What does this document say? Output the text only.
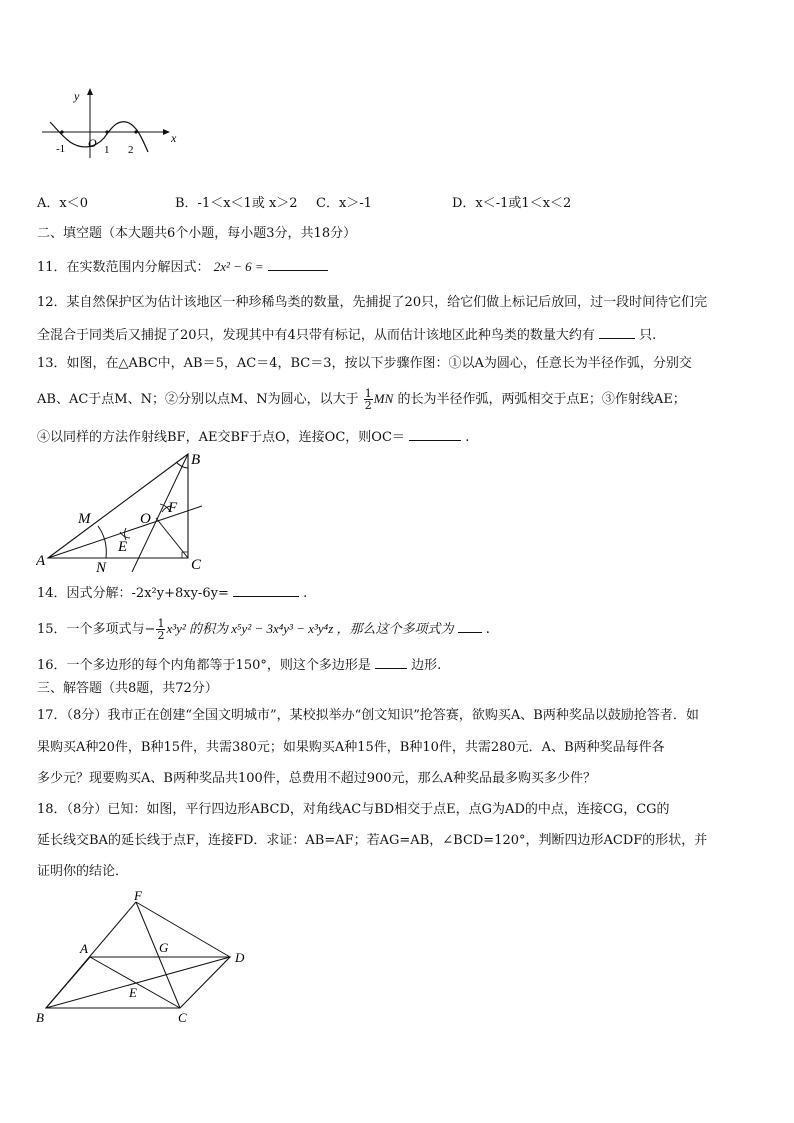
y
x
O
-1	1 2
A．x＜0	B．-1＜x＜1或 x＞2 C．x＞-1	D．x＜-1或1＜x＜2
二、填空题（本大题共6个小题，每小题3分，共18分）
11．在实数范围内分解因式： 2x² − 6 =
12．某自然保护区为估计该地区一种珍稀鸟类的数量，先捕捉了20只，给它们做上标记后放回，过一段时间待它们完
全混合于同类后又捕捉了20只，发现其中有4只带有标记，从而估计该地区此种鸟类的数量大约有	只.
13．如图，在△ABC中，AB＝5，AC＝4，BC＝3，按以下步骤作图：①以A为圆心，任意长为半径作弧，分别交
AB、AC于点M、N；②分别以点M、N为圆心，以大于 $\frac{1}{2}$ MN 的长为半径作弧，两弧相交于点E；③作射线AE；
④以同样的方法作射线BF，AE交BF于点O，连接OC，则OC＝	.
A
B
C
M
N
E
O
F
14．因式分解：-2x²y+8xy-6y=	.
15．一个多项式与− $\frac{1}{2} x^3y^2$ 的积为 x⁵y² − 3x⁴y³ − x³y⁴z ，那么这个多项式为 .
16．一个多边形的每个内角都等于150°，则这个多边形是	边形.
三、解答题（共8题，共72分）
17．（8分）我市正在创建“全国文明城市”，某校拟举办“创文知识”抢答赛，欲购买A、B两种奖品以鼓励抢答者．如
果购买A种20件，B种15件，共需380元；如果购买A种15件，B种10件，共需280元．A、B两种奖品每件各
多少元？现要购买A、B两种奖品共100件，总费用不超过900元，那么A种奖品最多购买多少件？
18．（8分）已知：如图，平行四边形ABCD，对角线AC与BD相交于点E，点G为AD的中点，连接CG，CG的
延长线交BA的延长线于点F，连接FD．求证：AB=AF；若AG=AB，∠BCD=120°，判断四边形ACDF的形状，并
证明你的结论．
F
A	G
D
E
B	C
